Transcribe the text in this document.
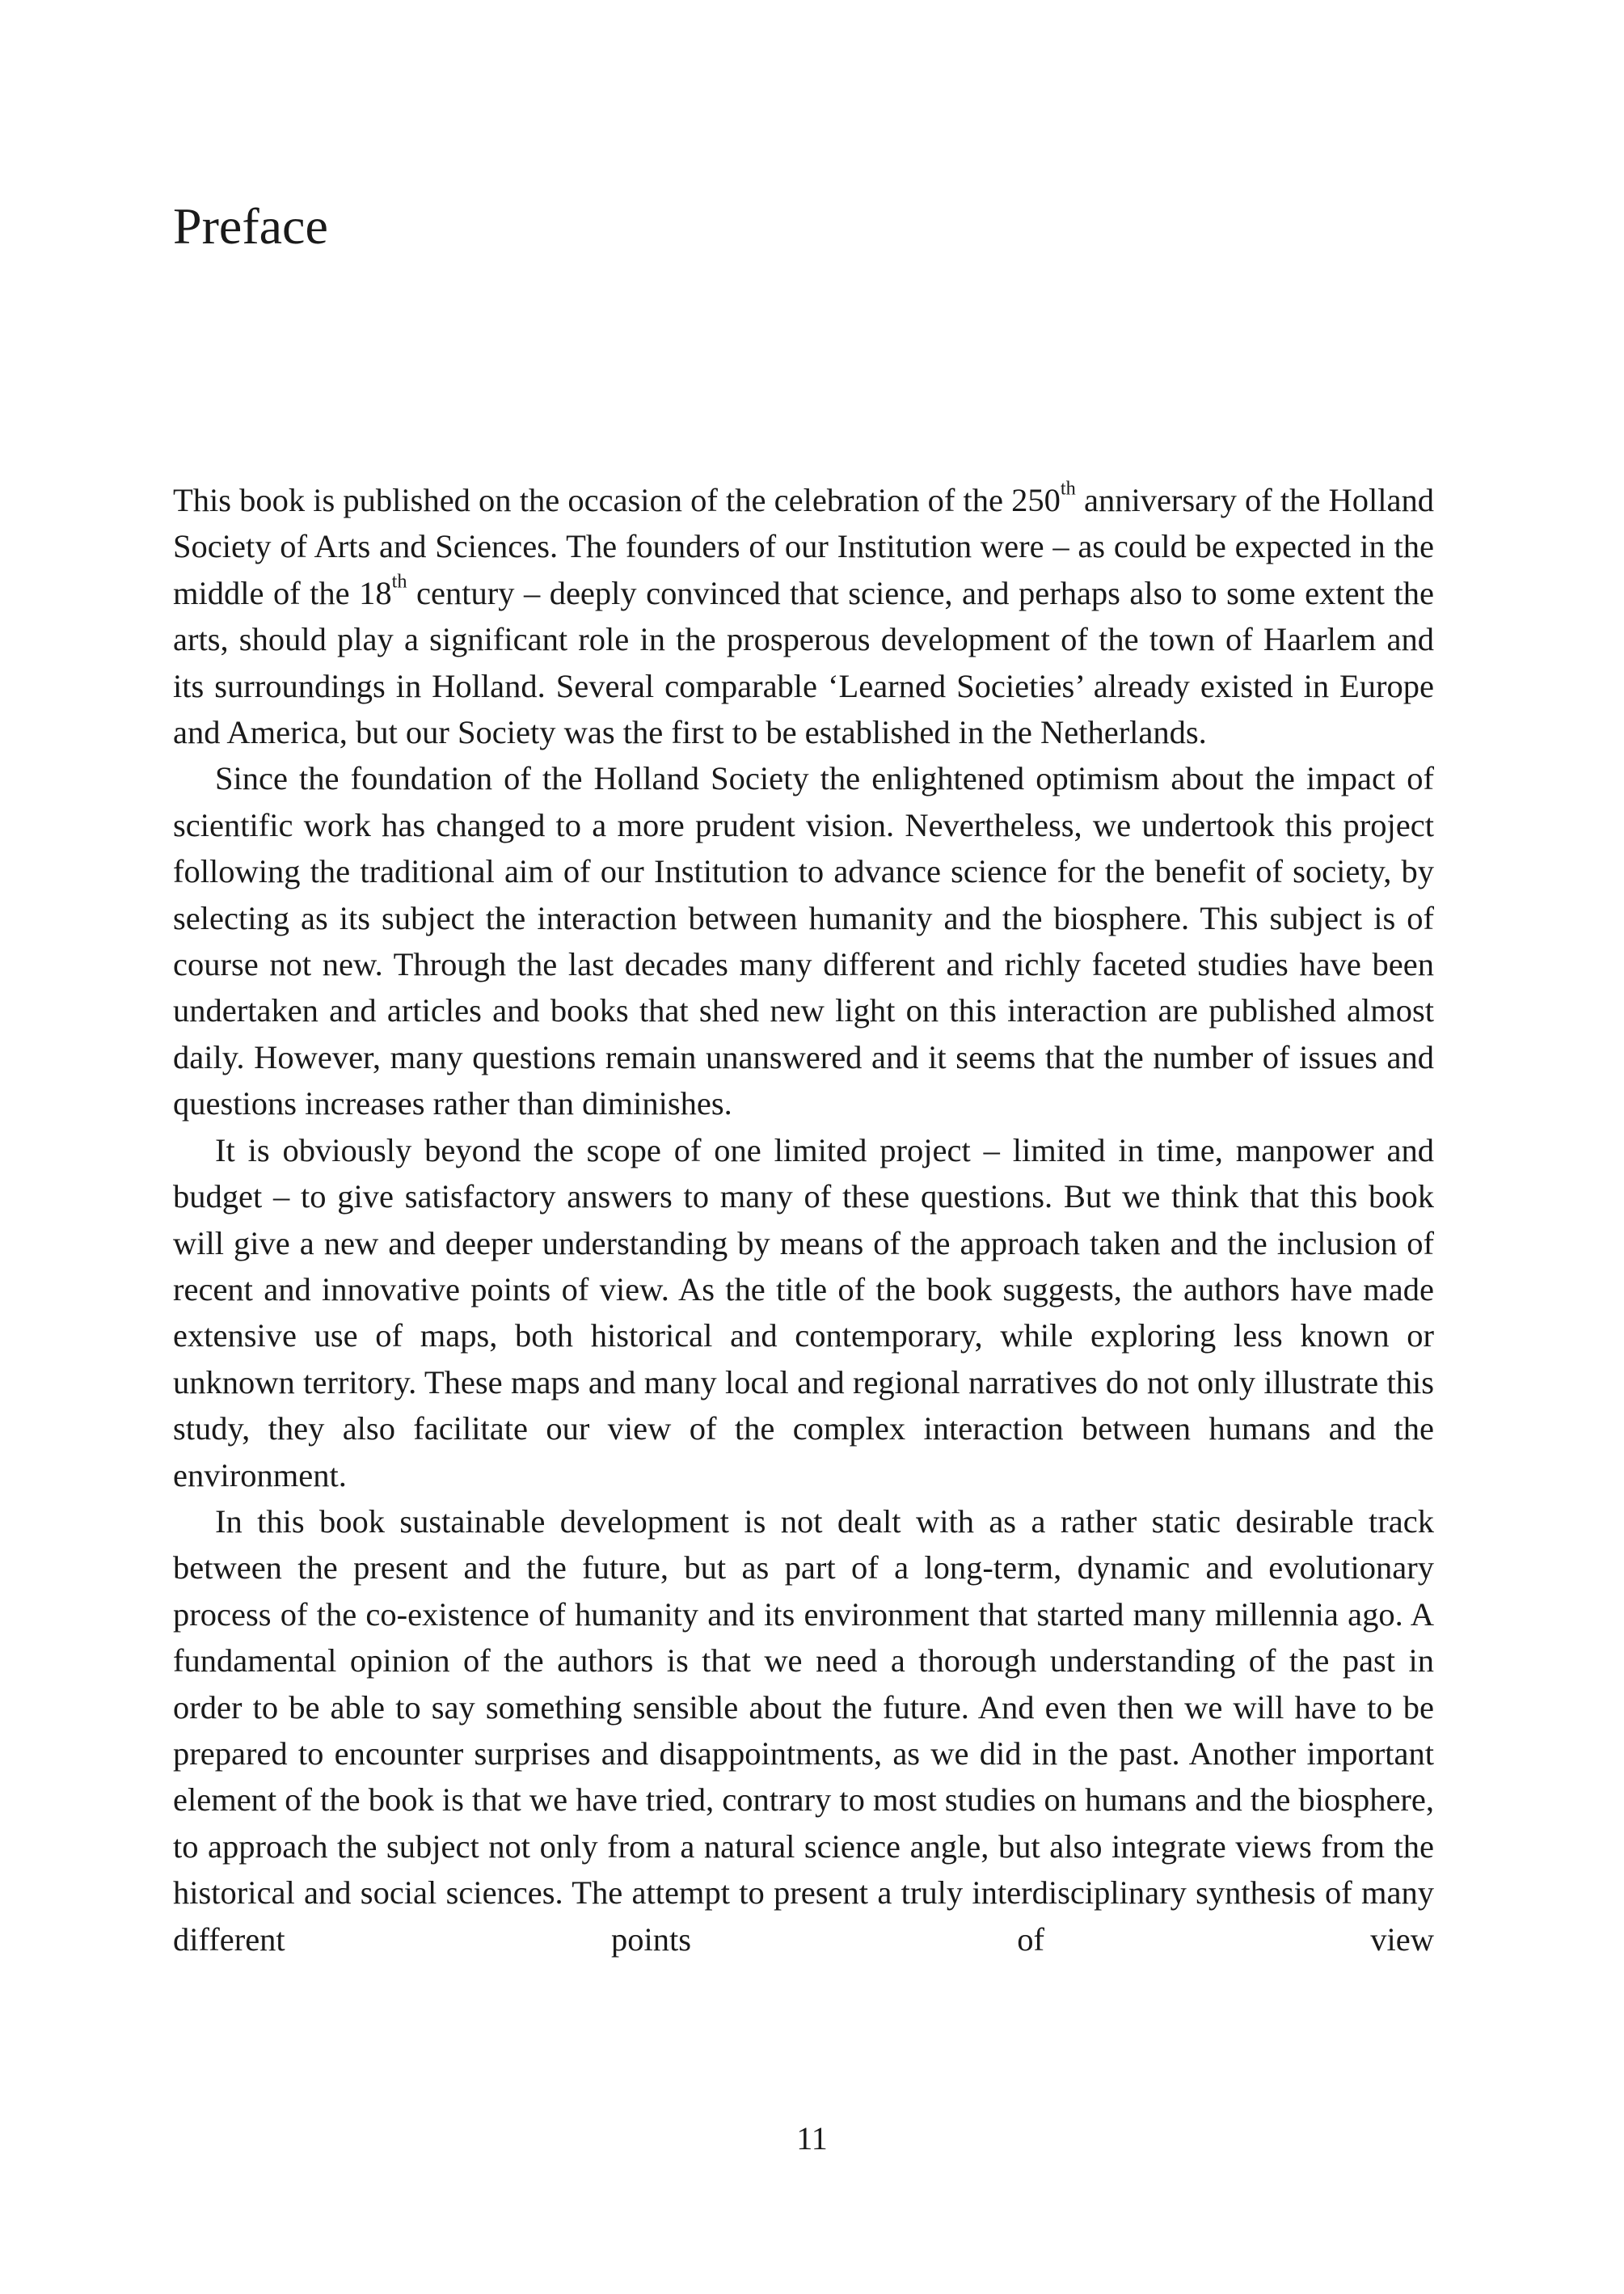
Preface

This book is published on the occasion of the celebration of the 250th anniversary of the Holland Society of Arts and Sciences. The founders of our Institution were – as could be expected in the middle of the 18th century – deeply convinced that science, and perhaps also to some extent the arts, should play a significant role in the prosperous development of the town of Haarlem and its surroundings in Holland. Several comparable ‘Learned Societies’ already existed in Europe and America, but our Society was the first to be established in the Netherlands.

Since the foundation of the Holland Society the enlightened optimism about the impact of scientific work has changed to a more prudent vision. Nevertheless, we undertook this project following the traditional aim of our Institution to advance science for the benefit of society, by selecting as its subject the interaction between humanity and the biosphere. This subject is of course not new. Through the last decades many different and richly faceted studies have been undertaken and articles and books that shed new light on this interaction are published almost daily. However, many questions remain unanswered and it seems that the number of issues and questions increases rather than diminishes.

It is obviously beyond the scope of one limited project – limited in time, manpower and budget – to give satisfactory answers to many of these questions. But we think that this book will give a new and deeper understanding by means of the approach taken and the inclusion of recent and innovative points of view. As the title of the book suggests, the authors have made extensive use of maps, both historical and contemporary, while exploring less known or unknown territory. These maps and many local and regional narratives do not only illustrate this study, they also facilitate our view of the complex interaction between humans and the environment.

In this book sustainable development is not dealt with as a rather static desirable track between the present and the future, but as part of a long-term, dynamic and evolutionary process of the co-existence of humanity and its environment that started many millennia ago. A fundamental opinion of the authors is that we need a thorough understanding of the past in order to be able to say something sensible about the future. And even then we will have to be prepared to encounter surprises and disappointments, as we did in the past. Another important element of the book is that we have tried, contrary to most studies on humans and the biosphere, to approach the subject not only from a natural science angle, but also integrate views from the historical and social sciences. The attempt to present a truly interdisciplinary synthesis of many different points of view

11
